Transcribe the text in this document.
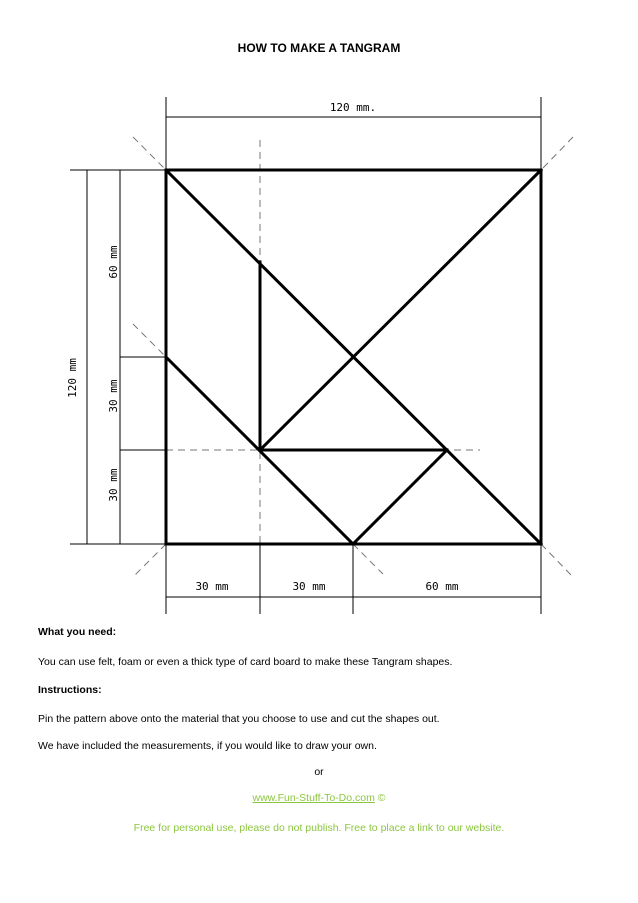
HOW TO MAKE A TANGRAM
120 mm.
120 mm
60 mm
30 mm
30 mm
30 mm	30 mm	60 mm
What you need:
You can use felt, foam or even a thick type of card board to make these Tangram shapes.
Instructions:
Pin the pattern above onto the material that you choose to use and cut the shapes out.
We have included the measurements, if you would like to draw your own.
or
www.Fun-Stuff-To-Do.com ©
Free for personal use, please do not publish. Free to place a link to our website.
